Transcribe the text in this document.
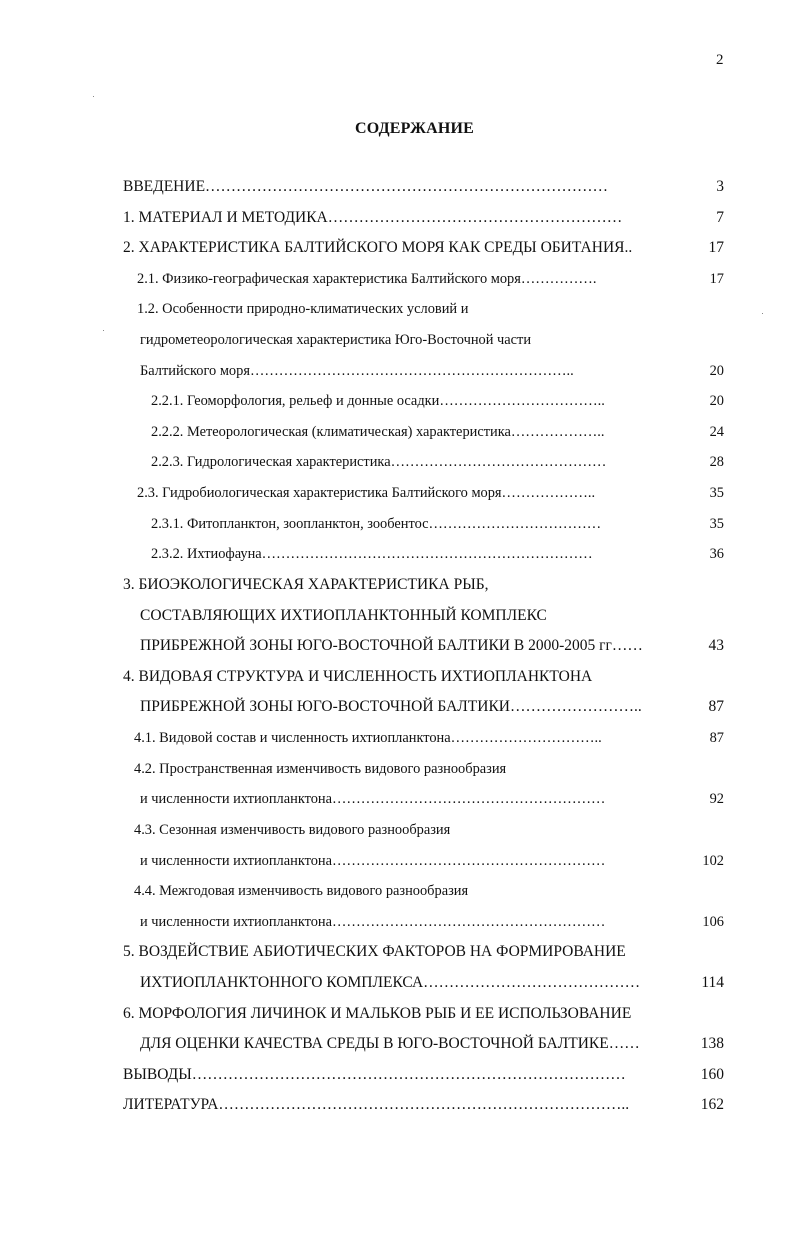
2
СОДЕРЖАНИЕ
ВВЕДЕНИЕ……………………………………………………………………	3
1. МАТЕРИАЛ И МЕТОДИКА…………………………………………………	7
2. ХАРАКТЕРИСТИКА БАЛТИЙСКОГО МОРЯ КАК СРЕДЫ ОБИТАНИЯ..	17
2.1. Физико-географическая характеристика Балтийского моря…………….	17
1.2. Особенности природно-климатических условий и
гидрометеорологическая характеристика Юго-Восточной части
Балтийского моря…………………………………………………………..	20
2.2.1. Геоморфология, рельеф и донные осадки……………………………..	20
2.2.2. Метеорологическая (климатическая) характеристика………………..	24
2.2.3. Гидрологическая характеристика………………………………………	28
2.3. Гидробиологическая характеристика Балтийского моря………………..	35
2.3.1. Фитопланктон, зоопланктон, зообентос………………………………	35
2.3.2. Ихтиофауна……………………………………………………………	36
3. БИОЭКОЛОГИЧЕСКАЯ ХАРАКТЕРИСТИКА РЫБ,
СОСТАВЛЯЮЩИХ ИХТИОПЛАНКТОННЫЙ КОМПЛЕКС
ПРИБРЕЖНОЙ ЗОНЫ ЮГО-ВОСТОЧНОЙ БАЛТИКИ В 2000-2005 гг……	43
4. ВИДОВАЯ СТРУКТУРА И ЧИСЛЕННОСТЬ ИХТИОПЛАНКТОНА
ПРИБРЕЖНОЙ ЗОНЫ ЮГО-ВОСТОЧНОЙ БАЛТИКИ……………………..	87
4.1. Видовой состав и численность ихтиопланктона…………………………..	87
4.2. Пространственная изменчивость видового разнообразия
и численности ихтиопланктона…………………………………………………	92
4.3. Сезонная изменчивость видового разнообразия
и численности ихтиопланктона…………………………………………………	102
4.4. Межгодовая изменчивость видового разнообразия
и численности ихтиопланктона…………………………………………………	106
5. ВОЗДЕЙСТВИЕ АБИОТИЧЕСКИХ ФАКТОРОВ НА ФОРМИРОВАНИЕ
ИХТИОПЛАНКТОННОГО КОМПЛЕКСА……………………………………	114
6. МОРФОЛОГИЯ ЛИЧИНОК И МАЛЬКОВ РЫБ И ЕЕ ИСПОЛЬЗОВАНИЕ
ДЛЯ ОЦЕНКИ КАЧЕСТВА СРЕДЫ В ЮГО-ВОСТОЧНОЙ БАЛТИКЕ……	138
ВЫВОДЫ…………………………………………………………………………	160
ЛИТЕРАТУРА……………………………………………………………………..	162
